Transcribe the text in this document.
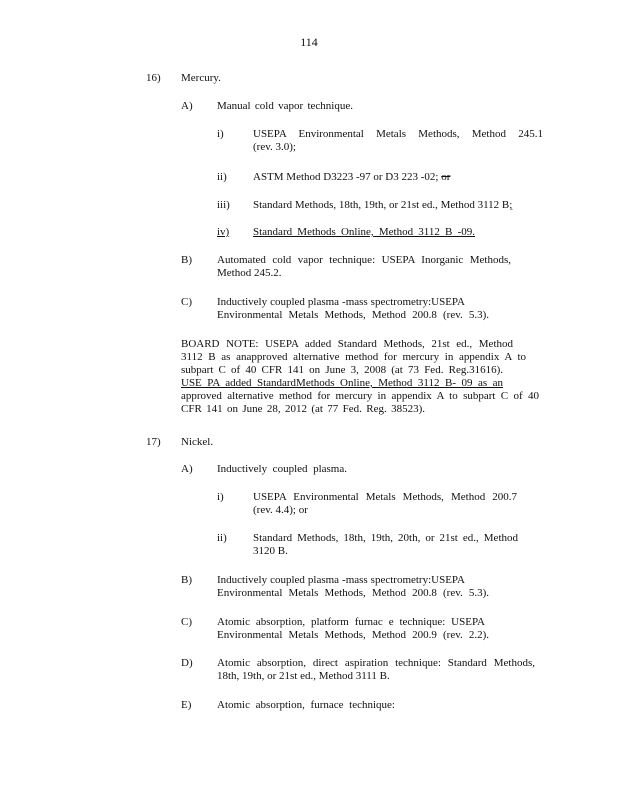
114
16) Mercury.
A) Manual cold vapor technique.
i)	USEPA Environmental Metals Methods, Method 245.1
(rev. 3.0);
ii) ASTM Method D3223 -97 or D3 223 -02; or
iii) Standard Methods, 18th, 19th, or 21st ed., Method 3112 B;
iv)	Standard Methods Online, Method 3112 B -09.
B) Automated cold vapor technique: USEPA Inorganic Methods,
Method 245.2.
C) Inductively coupled plasma -mass spectrometry:USEPA
Environmental Metals Methods, Method 200.8 (rev. 5.3).
BOARD NOTE: USEPA added Standard Methods, 21st ed., Method
3112 B as anapproved alternative method for mercury in appendix A to
subpart C of 40 CFR 141 on June 3, 2008 (at 73 Fed. Reg.31616).
USE PA added StandardMethods Online, Method 3112 B- 09 as an
approved alternative method for mercury in appendix A to subpart C of 40
CFR 141 on June 28, 2012 (at 77 Fed. Reg. 38523).
17) Nickel.
A) Inductively coupled plasma.
i)	USEPA Environmental Metals Methods, Method 200.7
(rev. 4.4); or
ii) Standard Methods, 18th, 19th, 20th, or 21st ed., Method
3120 B.
B) Inductively coupled plasma -mass spectrometry:USEPA
Environmental Metals Methods, Method 200.8 (rev. 5.3).
C) Atomic absorption, platform furnac e technique: USEPA
Environmental Metals Methods, Method 200.9 (rev. 2.2).
D) Atomic absorption, direct aspiration technique: Standard Methods,
18th, 19th, or 21st ed., Method 3111 B.
E) Atomic absorption, furnace technique:
